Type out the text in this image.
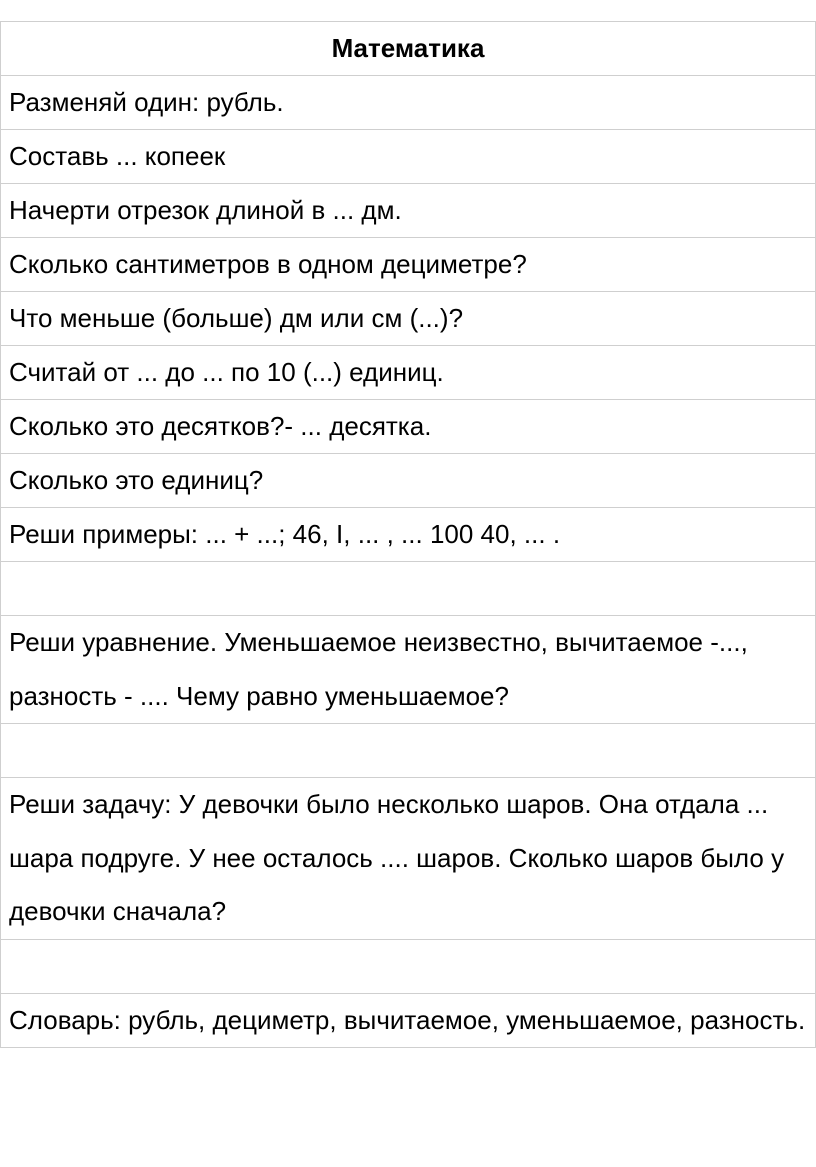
Математика
Разменяй один: рубль.
Составь ... копеек
Начерти отрезок длиной в ... дм.
Сколько сантиметров в одном дециметре?
Что меньше (больше) дм или см (...)?
Считай от ... до ... по 10 (...) единиц.
Сколько это десятков?- ... десятка.
Сколько это единиц?
Реши примеры: ... + ...; 46, I, ... , ... 100 40, ... .
Реши уравнение. Уменьшаемое неизвестно, вычитаемое -..., разность - .... Чему равно уменьшаемое?
Реши задачу: У девочки было несколько шаров. Она отдала ... шара подруге. У нее осталось .... шаров. Сколько шаров было у девочки сначала?
Словарь: рубль, дециметр, вычитаемое, уменьшаемое, разность.
